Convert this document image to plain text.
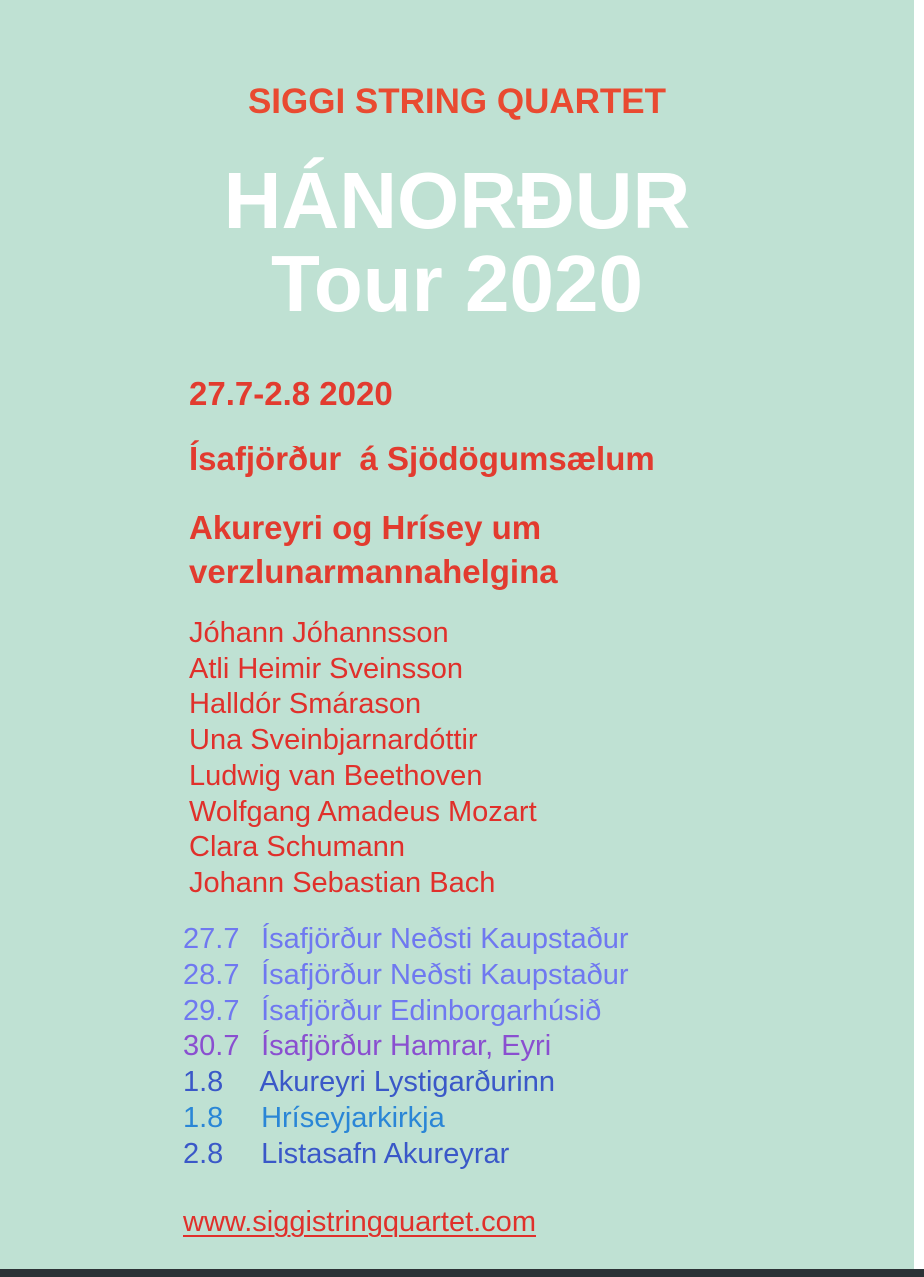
SIGGI STRING QUARTET
HÁNORÐUR
Tour 2020
27.7-2.8 2020
Ísafjörður  á Sjödögumsælum
Akureyri og Hrísey um
verzlunarmannahelgina
Jóhann Jóhannsson
Atli Heimir Sveinsson
Halldór Smárason
Una Sveinbjarnardóttir
Ludwig van Beethoven
Wolfgang Amadeus Mozart
Clara Schumann
Johann Sebastian Bach
27.7 Ísafjörður Neðsti Kaupstaður
28.7 Ísafjörður Neðsti Kaupstaður
29.7 Ísafjörður Edinborgarhúsið
30.7 Ísafjörður Hamrar, Eyri
1.8 Akureyri Lystigarðurinn
1.8 Hríseyjarkirkja
2.8 Listasafn Akureyrar
www.siggistringquartet.com
